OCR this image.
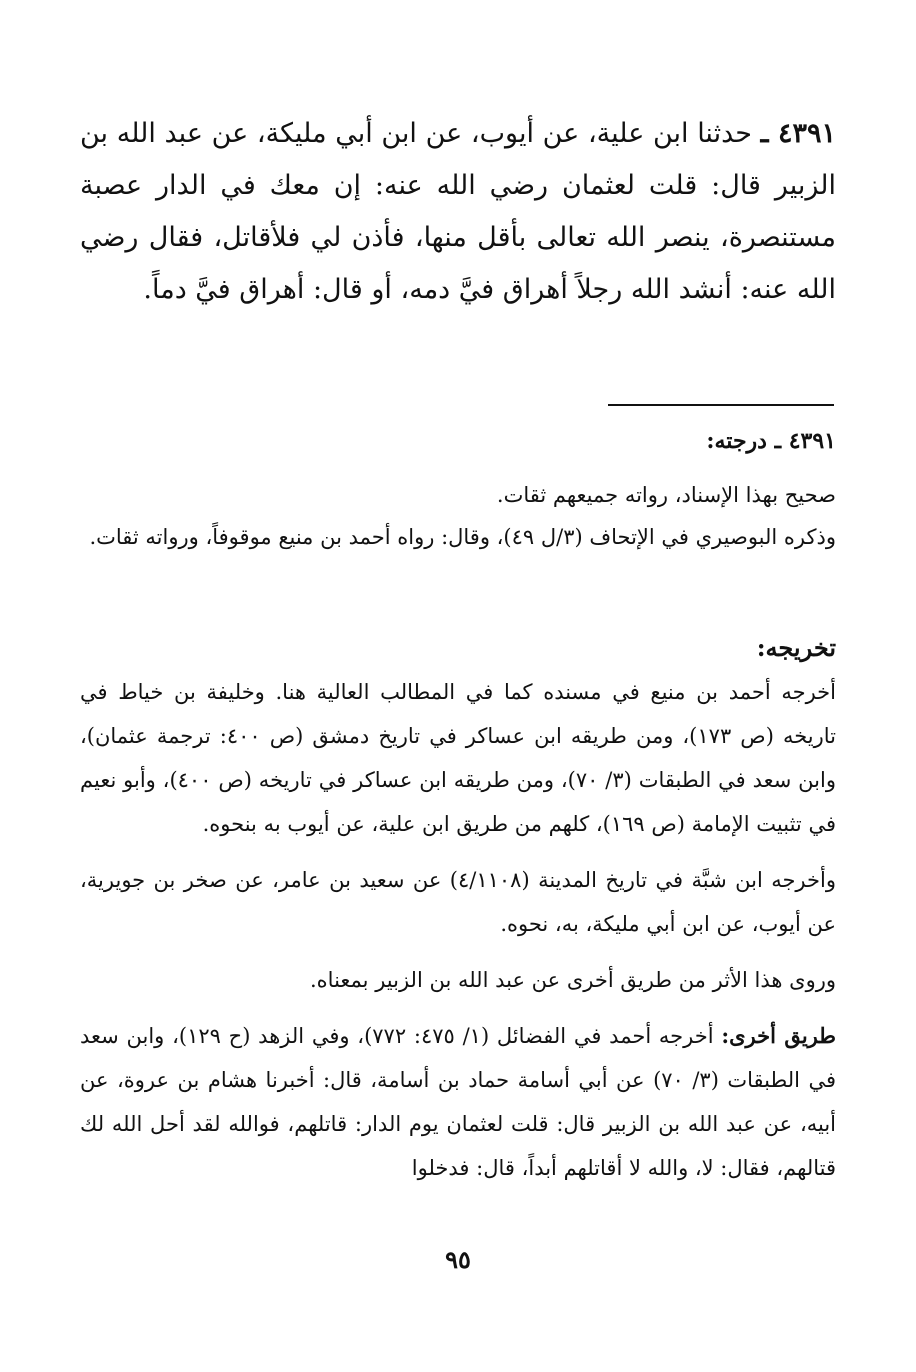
٤٣٩١ ـ حدثنا ابن علية، عن أيوب، عن ابن أبي مليكة، عن عبد الله بن الزبير قال: قلت لعثمان رضي الله عنه: إن معك في الدار عصبة مستنصرة، ينصر الله تعالى بأقل منها، فأذن لي فلأقاتل، فقال رضي الله عنه: أنشد الله رجلاً أهراق فيَّ دمه، أو قال: أهراق فيَّ دماً.
٤٣٩١ ـ درجته:

صحيح بهذا الإسناد، رواته جميعهم ثقات.

وذكره البوصيري في الإتحاف (٣/ل ٤٩)، وقال: رواه أحمد بن منيع موقوفاً، ورواته ثقات.

تخريجه:

أخرجه أحمد بن منيع في مسنده كما في المطالب العالية هنا. وخليفة بن خياط في تاريخه (ص ١٧٣)، ومن طريقه ابن عساكر في تاريخ دمشق (ص ٤٠٠: ترجمة عثمان)، وابن سعد في الطبقات (٣/ ٧٠)، ومن طريقه ابن عساكر في تاريخه (ص ٤٠٠)، وأبو نعيم في تثبيت الإمامة (ص ١٦٩)، كلهم من طريق ابن علية، عن أيوب به بنحوه.

وأخرجه ابن شبَّة في تاريخ المدينة (٤/١١٠٨) عن سعيد بن عامر، عن صخر بن جويرية، عن أيوب، عن ابن أبي مليكة، به، نحوه.

وروى هذا الأثر من طريق أخرى عن عبد الله بن الزبير بمعناه.

طريق أخرى: أخرجه أحمد في الفضائل (١/ ٤٧٥: ٧٧٢)، وفي الزهد (ح ١٢٩)، وابن سعد في الطبقات (٣/ ٧٠) عن أبي أسامة حماد بن أسامة، قال: أخبرنا هشام بن عروة، عن أبيه، عن عبد الله بن الزبير قال: قلت لعثمان يوم الدار: قاتلهم، فوالله لقد أحل الله لك قتالهم، فقال: لا، والله لا أقاتلهم أبداً، قال: فدخلوا

٩٥
